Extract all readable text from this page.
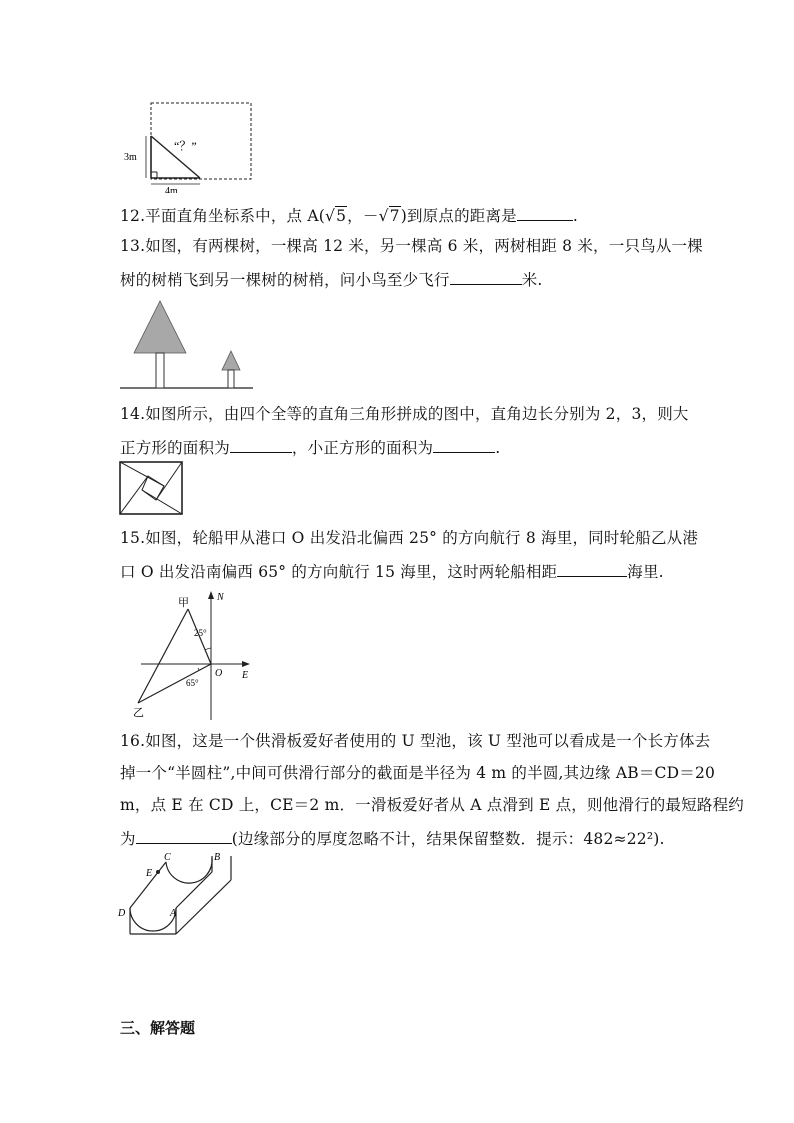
3m
4m
“？”
12.平面直角坐标系中，点 A(√5，－√7)到原点的距离是	.
13.如图，有两棵树，一棵高 12 米，另一棵高 6 米，两树相距 8 米，一只鸟从一棵
树的树梢飞到另一棵树的树梢，问小鸟至少飞行	米.
14.如图所示，由四个全等的直角三角形拼成的图中，直角边长分别为 2，3，则大
正方形的面积为	，小正方形的面积为	.
15.如图，轮船甲从港口 O 出发沿北偏西 25° 的方向航行 8 海里，同时轮船乙从港
口 O 出发沿南偏西 65° 的方向航行 15 海里，这时两轮船相距	海里.
甲
乙
N
E
O
25°
65°
16.如图，这是一个供滑板爱好者使用的 U 型池，该 U 型池可以看成是一个长方体去
掉一个“半圆柱”,中间可供滑行部分的截面是半径为 4 m 的半圆,其边缘 AB＝CD＝20
m，点 E 在 CD 上，CE＝2 m．一滑板爱好者从 A 点滑到 E 点，则他滑行的最短路程约
为	(边缘部分的厚度忽略不计，结果保留整数．提示：482≈22²).
C	B
E
D	A
三、解答题
